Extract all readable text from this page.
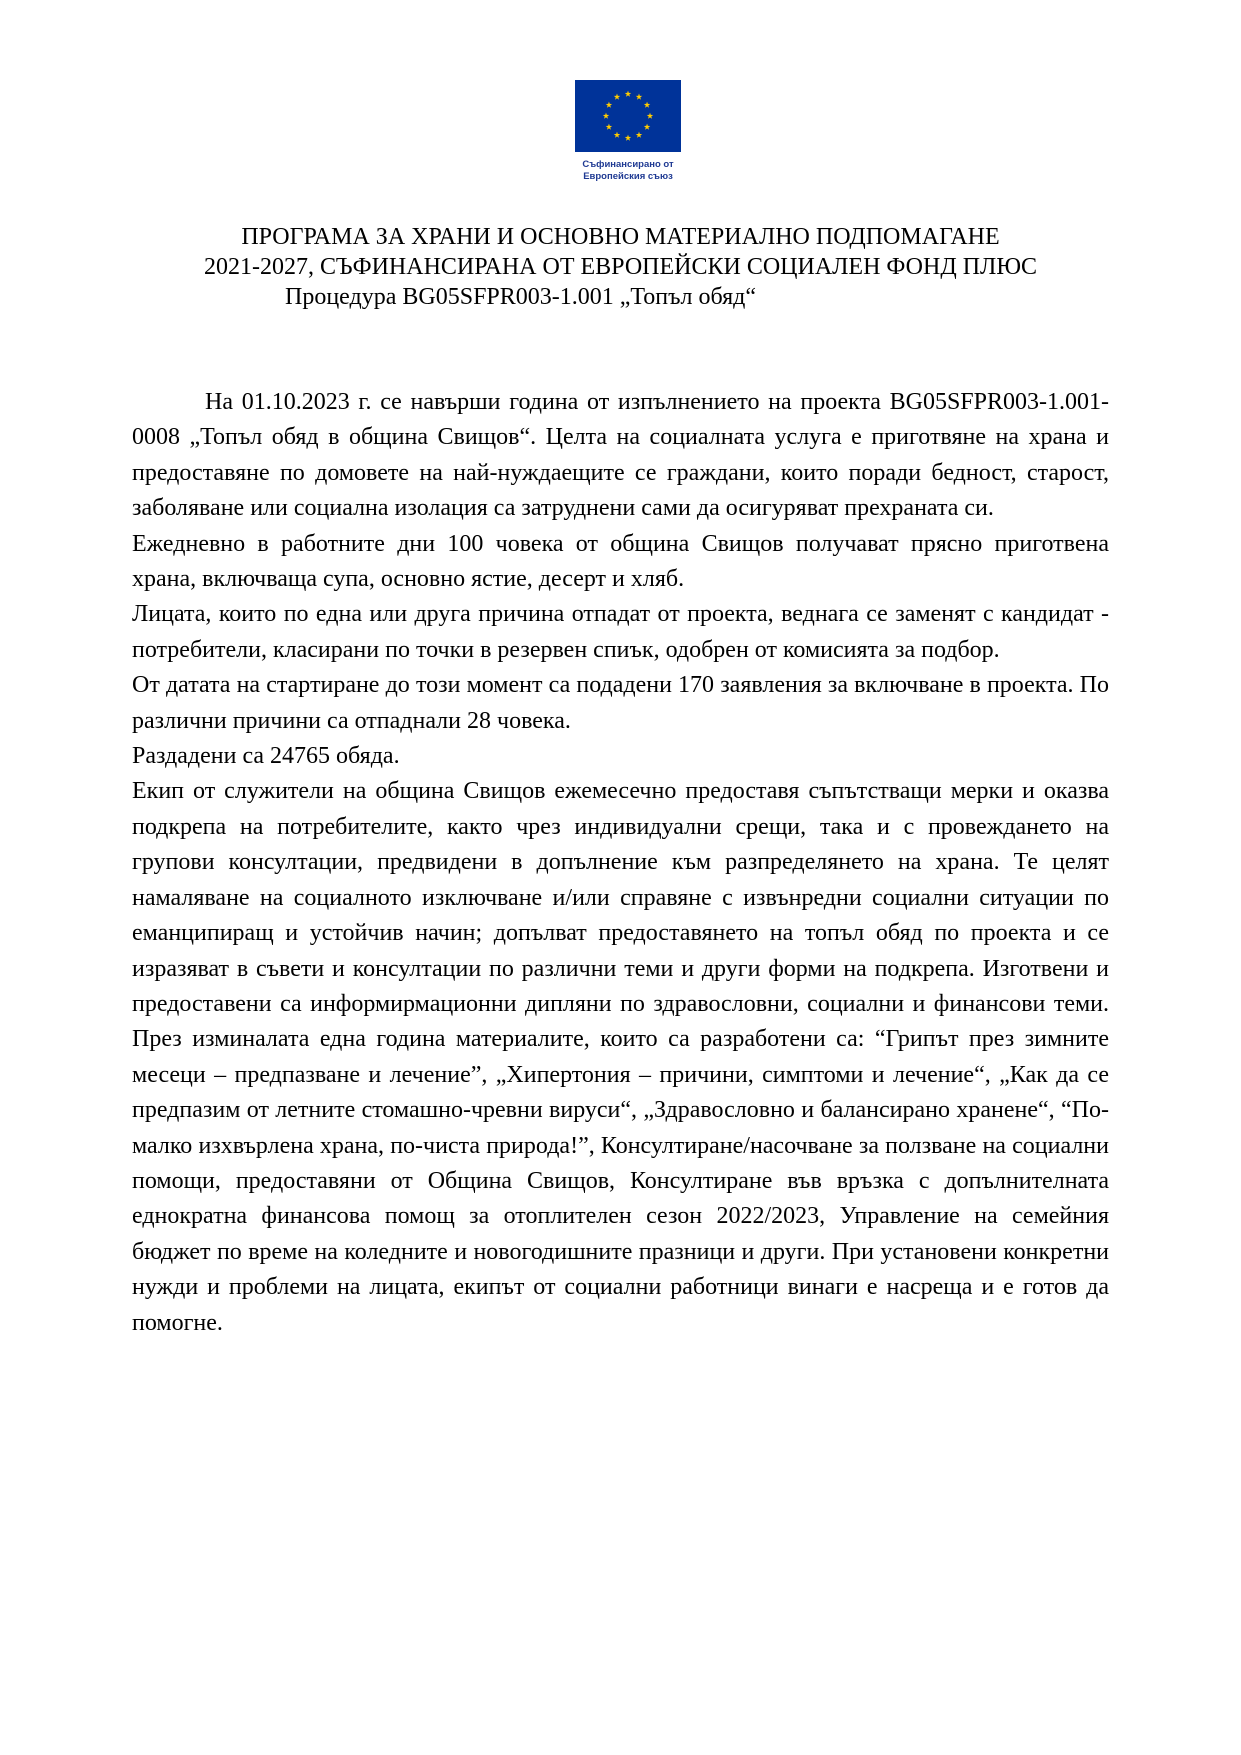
Съфинансирано от
Европейския съюз
ПРОГРАМА ЗА ХРАНИ И ОСНОВНО МАТЕРИАЛНО ПОДПОМАГАНЕ
2021-2027, СЪФИНАНСИРАНА ОТ ЕВРОПЕЙСКИ СОЦИАЛЕН ФОНД ПЛЮС
Процедура BG05SFPR003-1.001 „Топъл обяд“

На 01.10.2023 г. се навърши година от изпълнението на проекта BG05SFPR003-1.001-0008 „Топъл обяд в община Свищов“. Целта на социалната услуга е приготвяне на храна и предоставяне по домовете на най-нуждаещите се граждани, които поради бедност, старост, заболяване или социална изолация са затруднени сами да осигуряват прехраната си.

Ежедневно в работните дни 100 човека от община Свищов получават прясно приготвена храна, включваща супа, основно ястие, десерт и хляб.

Лицата, които по една или друга причина отпадат от проекта, веднага се заменят с кандидат - потребители, класирани по точки в резервен спиък, одобрен от комисията за подбор.

От датата на стартиране до този момент са подадени 170 заявления за включване в проекта. По различни причини са отпаднали 28 човека.

Раздадени са 24765 обяда.

Екип от служители на община Свищов ежемесечно предоставя съпътстващи мерки и оказва подкрепа на потребителите, както чрез индивидуални срещи, така и с провеждането на групови консултации, предвидени в допълнение към разпределянето на храна. Те целят намаляване на социалното изключване и/или справяне с извънредни социални ситуации по еманципиращ и устойчив начин; допълват предоставянето на топъл обяд по проекта и се изразяват в съвети и консултации по различни теми и други форми на подкрепа. Изготвени и предоставени са информирмационни дипляни по здравословни, социални и финансови теми. През изминалата една година материалите, които са разработени са: “Грипът през зимните месеци – предпазване и лечение”, „Хипертония – причини, симптоми и лечение“, „Как да се предпазим от летните стомашно-чревни вируси“, „Здравословно и балансирано хранене“, “По-малко изхвърлена храна, по-чиста природа!”, Консултиране/насочване за ползване на социални помощи, предоставяни от Община Свищов, Консултиране във връзка с допълнителната еднократна финансова помощ за отоплителен сезон 2022/2023, Управление на семейния бюджет по време на коледните и новогодишните празници и други. При установени конкретни нужди и проблеми на лицата, екипът от социални работници винаги е насреща и е готов да помогне.
